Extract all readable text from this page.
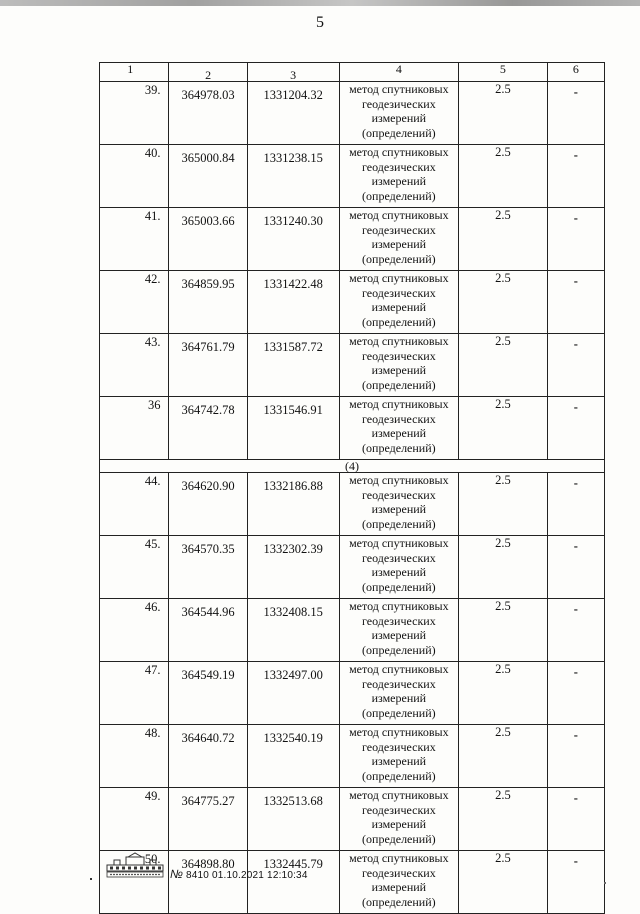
5
1	2	3	4	5	6
39.	364978.03	1331204.32	метод спутниковых
геодезических
измерений
(определений)	2.5	-
40.	365000.84	1331238.15	метод спутниковых
геодезических
измерений
(определений)	2.5	-
41.	365003.66	1331240.30	метод спутниковых
геодезических
измерений
(определений)	2.5	-
42.	364859.95	1331422.48	метод спутниковых
геодезических
измерений
(определений)	2.5	-
43.	364761.79	1331587.72	метод спутниковых
геодезических
измерений
(определений)	2.5	-
36	364742.78	1331546.91	метод спутниковых
геодезических
измерений
(определений)	2.5	-
(4)					
44.	364620.90	1332186.88	метод спутниковых
геодезических
измерений
(определений)	2.5	-
45.	364570.35	1332302.39	метод спутниковых
геодезических
измерений
(определений)	2.5	-
46.	364544.96	1332408.15	метод спутниковых
геодезических
измерений
(определений)	2.5	-
47.	364549.19	1332497.00	метод спутниковых
геодезических
измерений
(определений)	2.5	-
48.	364640.72	1332540.19	метод спутниковых
геодезических
измерений
(определений)	2.5	-
49.	364775.27	1332513.68	метод спутниковых
геодезических
измерений
(определений)	2.5	-
50.	364898.80	1332445.79	метод спутниковых
геодезических
измерений
(определений)	2.5	-
№ 8410 01.10.2021 12:10:34
